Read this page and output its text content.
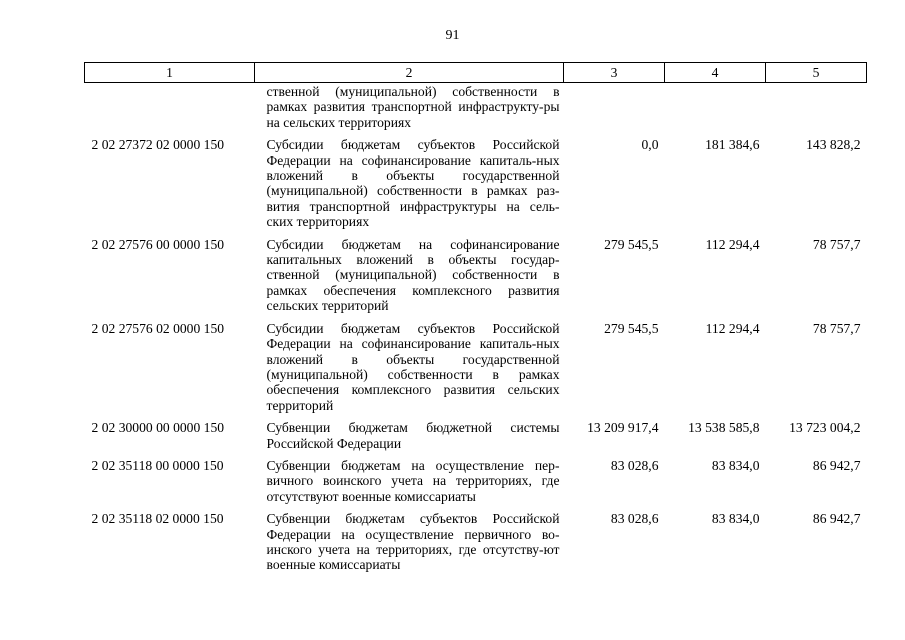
91
1	2	3	4	5
	ственной (муниципальной) собственности в рамках развития транспортной инфраструкту-ры на сельских территориях			
2 02 27372 02 0000 150	Субсидии бюджетам субъектов Российской Федерации на софинансирование капиталь-ных вложений в объекты государственной (муниципальной) собственности в рамках раз-вития транспортной инфраструктуры на сель-ских территориях	0,0	181 384,6	143 828,2
2 02 27576 00 0000 150	Субсидии бюджетам на софинансирование капитальных вложений в объекты государ-ственной (муниципальной) собственности в рамках обеспечения комплексного развития сельских территорий	279 545,5	112 294,4	78 757,7
2 02 27576 02 0000 150	Субсидии бюджетам субъектов Российской Федерации на софинансирование капиталь-ных вложений в объекты государственной (муниципальной) собственности в рамках обеспечения комплексного развития сельских территорий	279 545,5	112 294,4	78 757,7
2 02 30000 00 0000 150	Субвенции бюджетам бюджетной системы Российской Федерации	13 209 917,4	13 538 585,8	13 723 004,2
2 02 35118 00 0000 150	Субвенции бюджетам на осуществление пер-вичного воинского учета на территориях, где отсутствуют военные комиссариаты	83 028,6	83 834,0	86 942,7
2 02 35118 02 0000 150	Субвенции бюджетам субъектов Российской Федерации на осуществление первичного во-инского учета на территориях, где отсутству-ют военные комиссариаты	83 028,6	83 834,0	86 942,7
